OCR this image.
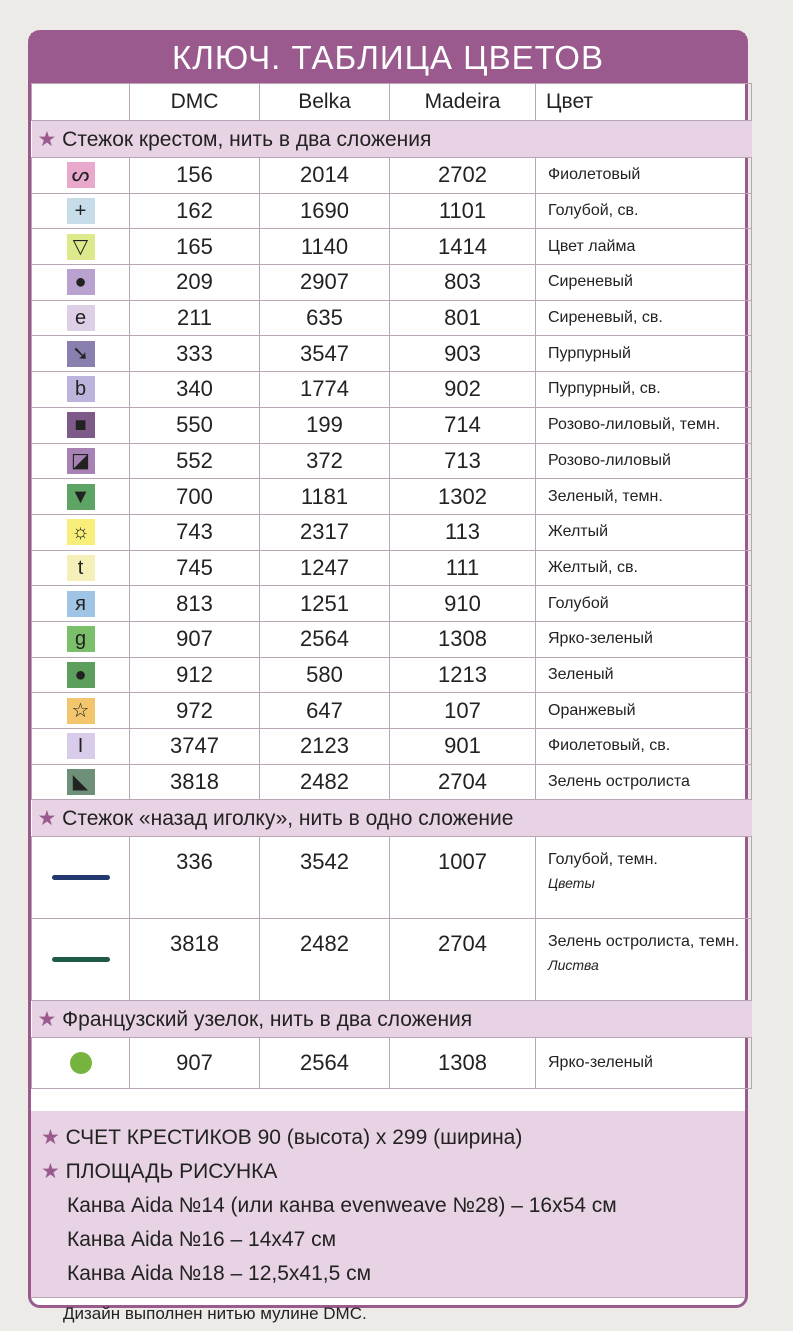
КЛЮЧ. ТАБЛИЦА ЦВЕТОВ
	DMC	Belka	Madeira	Цвет
★ Стежок крестом, нить в два сложения				
ᔕ	156	2014	2702	Фиолетовый
+	162	1690	1101	Голубой, св.
▽	165	1140	1414	Цвет лайма
●	209	2907	803	Сиреневый
e	211	635	801	Сиреневый, св.
➘	333	3547	903	Пурпурный
b	340	1774	902	Пурпурный, св.
■	550	199	714	Розово-лиловый, темн.
◪	552	372	713	Розово-лиловый
▼	700	1181	1302	Зеленый, темн.
☼	743	2317	113	Желтый
t	745	1247	111	Желтый, св.
я	813	1251	910	Голубой
g	907	2564	1308	Ярко-зеленый
●	912	580	1213	Зеленый
☆	972	647	107	Оранжевый
I	3747	2123	901	Фиолетовый, св.
◣	3818	2482	2704	Зелень остролиста
★ Стежок «назад иголку», нить в одно сложение				
	336	3542	1007	Голубой, темн.
Цветы

	3818	2482	2704	Зелень остролиста, темн.
Листва

★ Французский узелок, нить в два сложения				
	907	2564	1308	Ярко-зеленый
★ СЧЕТ КРЕСТИКОВ 90 (высота) x 299 (ширина)
★ ПЛОЩАДЬ РИСУНКА
Канва Aida №14 (или канва evenweave №28) – 16x54 см
Канва Aida №16 – 14x47 см
Канва Aida №18 – 12,5x41,5 см
Дизайн выполнен нитью мулине DMC.
